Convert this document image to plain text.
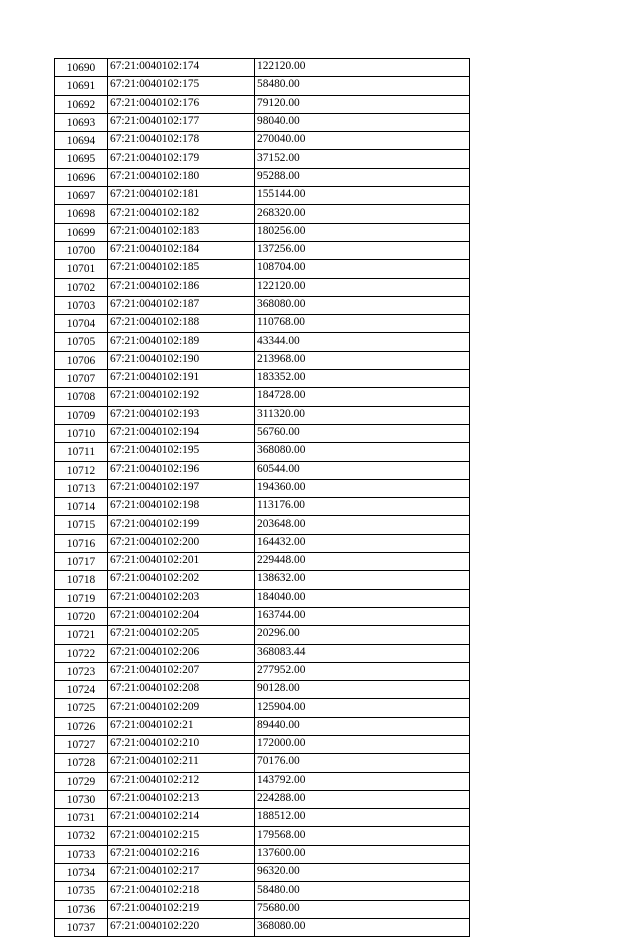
10690	67:21:0040102:174	122120.00
10691	67:21:0040102:175	58480.00
10692	67:21:0040102:176	79120.00
10693	67:21:0040102:177	98040.00
10694	67:21:0040102:178	270040.00
10695	67:21:0040102:179	37152.00
10696	67:21:0040102:180	95288.00
10697	67:21:0040102:181	155144.00
10698	67:21:0040102:182	268320.00
10699	67:21:0040102:183	180256.00
10700	67:21:0040102:184	137256.00
10701	67:21:0040102:185	108704.00
10702	67:21:0040102:186	122120.00
10703	67:21:0040102:187	368080.00
10704	67:21:0040102:188	110768.00
10705	67:21:0040102:189	43344.00
10706	67:21:0040102:190	213968.00
10707	67:21:0040102:191	183352.00
10708	67:21:0040102:192	184728.00
10709	67:21:0040102:193	311320.00
10710	67:21:0040102:194	56760.00
10711	67:21:0040102:195	368080.00
10712	67:21:0040102:196	60544.00
10713	67:21:0040102:197	194360.00
10714	67:21:0040102:198	113176.00
10715	67:21:0040102:199	203648.00
10716	67:21:0040102:200	164432.00
10717	67:21:0040102:201	229448.00
10718	67:21:0040102:202	138632.00
10719	67:21:0040102:203	184040.00
10720	67:21:0040102:204	163744.00
10721	67:21:0040102:205	20296.00
10722	67:21:0040102:206	368083.44
10723	67:21:0040102:207	277952.00
10724	67:21:0040102:208	90128.00
10725	67:21:0040102:209	125904.00
10726	67:21:0040102:21	89440.00
10727	67:21:0040102:210	172000.00
10728	67:21:0040102:211	70176.00
10729	67:21:0040102:212	143792.00
10730	67:21:0040102:213	224288.00
10731	67:21:0040102:214	188512.00
10732	67:21:0040102:215	179568.00
10733	67:21:0040102:216	137600.00
10734	67:21:0040102:217	96320.00
10735	67:21:0040102:218	58480.00
10736	67:21:0040102:219	75680.00
10737	67:21:0040102:220	368080.00
